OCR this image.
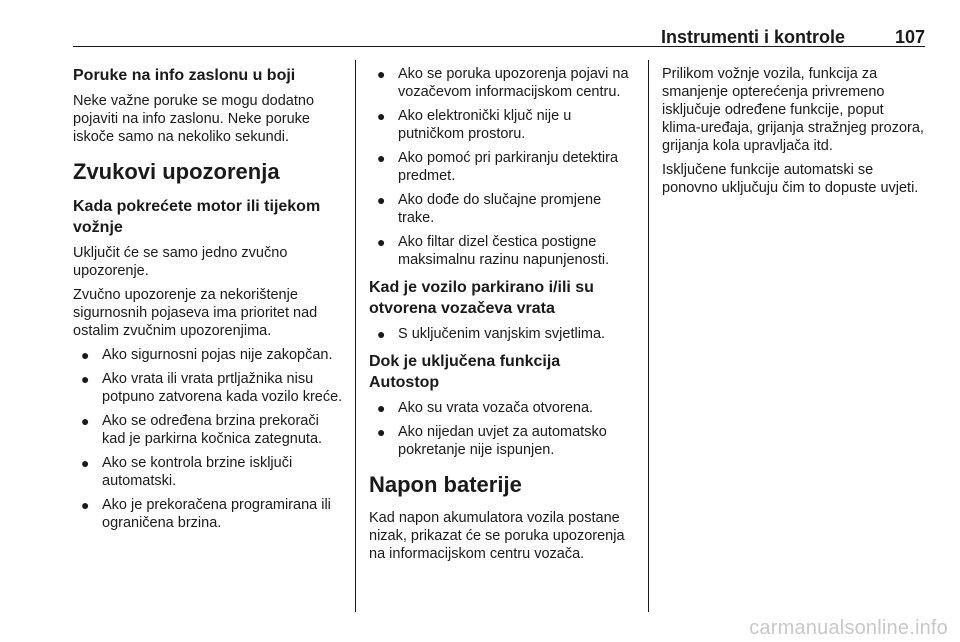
Instrumenti i kontrole	107
Poruke na info zaslonu u boji

Neke važne poruke se mogu dodatno pojaviti na info zaslonu. Neke poruke iskoče samo na nekoliko sekundi.

Zvukovi upozorenja
Kada pokrećete motor ili tijekom vožnje

Uključit će se samo jedno zvučno upozorenje.

Zvučno upozorenje za nekorištenje sigurnosnih pojaseva ima prioritet nad ostalim zvučnim upozorenjima.

● Ako sigurnosni pojas nije zakopčan.
● Ako vrata ili vrata prtljažnika nisu potpuno zatvorena kada vozilo kreće.
● Ako se određena brzina prekorači kad je parkirna kočnica zategnuta.
● Ako se kontrola brzine isključi automatski.
● Ako je prekoračena programirana ili ograničena brzina.
● Ako se poruka upozorenja pojavi na vozačevom informacijskom centru.
● Ako elektronički ključ nije u putničkom prostoru.
● Ako pomoć pri parkiranju detektira predmet.
● Ako dođe do slučajne promjene trake.
● Ako filtar dizel čestica postigne maksimalnu razinu napunjenosti.
Kad je vozilo parkirano i/ili su otvorena vozačeva vrata
● S uključenim vanjskim svjetlima.
Dok je uključena funkcija Autostop
● Ako su vrata vozača otvorena.
● Ako nijedan uvjet za automatsko pokretanje nije ispunjen.
Napon baterije

Kad napon akumulatora vozila postane nizak, prikazat će se poruka upozorenja na informacijskom centru vozača.

Prilikom vožnje vozila, funkcija za smanjenje opterećenja privremeno isključuje određene funkcije, poput klima-uređaja, grijanja stražnjeg prozora, grijanja kola upravljača itd.

Isključene funkcije automatski se ponovno uključuju čim to dopuste uvjeti.

carmanualsonline.info
